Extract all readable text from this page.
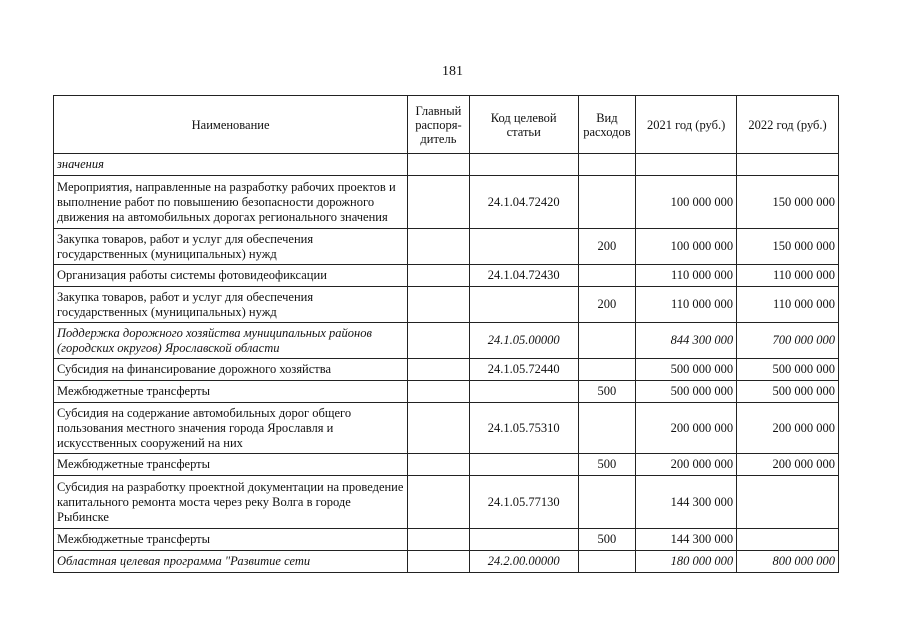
181
Наименование	Главный распоря-дитель	Код целевой статьи	Вид расходов	2021 год (руб.)	2022 год (руб.)
значения					
Мероприятия, направленные на разработку рабочих проектов и выполнение работ по повышению безопасности дорожного движения на автомобильных дорогах регионального значения		24.1.04.72420		100 000 000	150 000 000
Закупка товаров, работ и услуг для обеспечения государственных (муниципальных) нужд			200	100 000 000	150 000 000
Организация работы системы фотовидеофиксации		24.1.04.72430		110 000 000	110 000 000
Закупка товаров, работ и услуг для обеспечения государственных (муниципальных) нужд			200	110 000 000	110 000 000
Поддержка дорожного хозяйства муниципальных районов (городских округов) Ярославской области		24.1.05.00000		844 300 000	700 000 000
Субсидия на финансирование дорожного хозяйства		24.1.05.72440		500 000 000	500 000 000
Межбюджетные трансферты			500	500 000 000	500 000 000
Субсидия на содержание автомобильных дорог общего пользования местного значения города Ярославля и искусственных сооружений на них		24.1.05.75310		200 000 000	200 000 000
Межбюджетные трансферты			500	200 000 000	200 000 000
Субсидия на разработку проектной документации на проведение капитального ремонта моста через реку Волга в городе Рыбинске		24.1.05.77130		144 300 000	
Межбюджетные трансферты			500	144 300 000	
Областная целевая программа "Развитие сети		24.2.00.00000		180 000 000	800 000 000
